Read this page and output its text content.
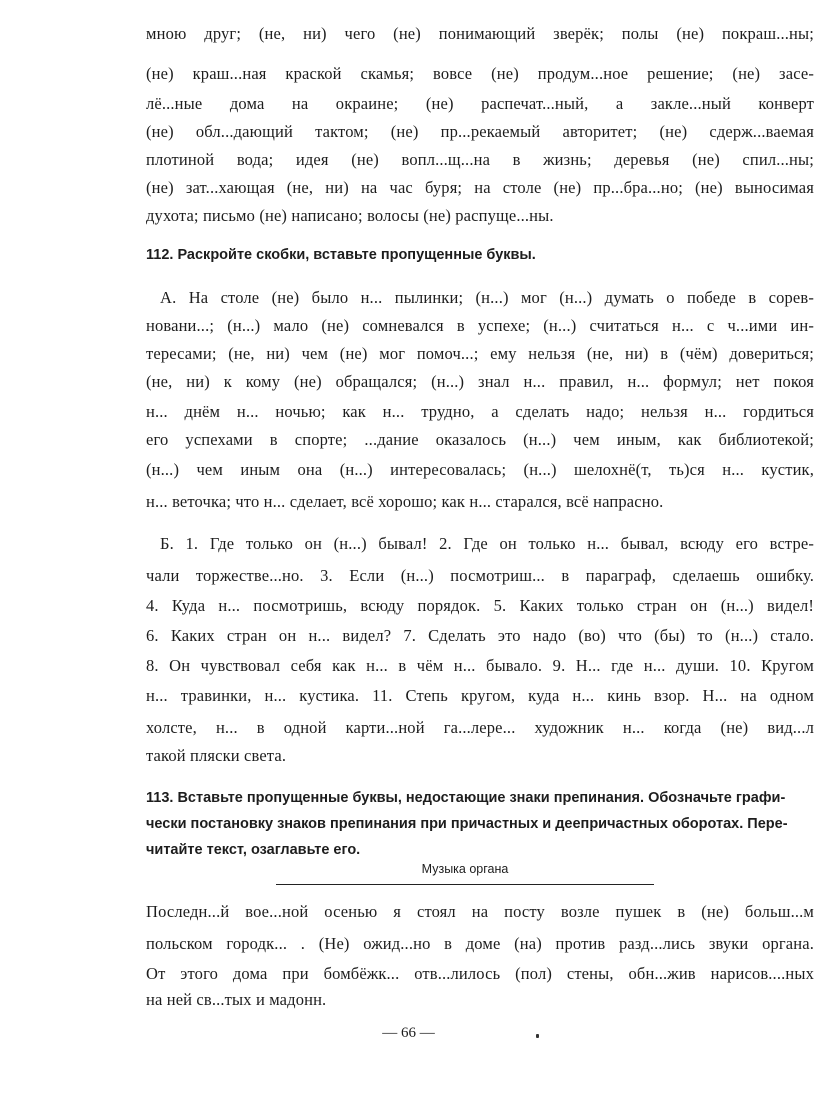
мною друг; (не, ни) чего (не) понимающий зверёк; полы (не) покраш...ны;
(не) краш...ная краской скамья; вовсе (не) продум...ное решение; (не) засе-
лё...ные дома на окраине; (не) распечат...ный, а закле...ный конверт
(не) обл...дающий тактом; (не) пр...рекаемый авторитет; (не) сдерж...ваемая
плотиной вода; идея (не) вопл...щ...на в жизнь; деревья (не) спил...ны;
(не) зат...хающая (не, ни) на час буря; на столе (не) пр...бра...но; (не) выносимая
духота; письмо (не) написано; волосы (не) распуще...ны.
112. Раскройте скобки, вставьте пропущенные буквы.
А. На столе (не) было н... пылинки; (н...) мог (н...) думать о победе в сорев-
новани...; (н...) мало (не) сомневался в успехе; (н...) считаться н... с ч...ими ин-
тересами; (не, ни) чем (не) мог помоч...; ему нельзя (не, ни) в (чём) довериться;
(не, ни) к кому (не) обращался; (н...) знал н... правил, н... формул; нет покоя
н... днём н... ночью; как н... трудно, а сделать надо; нельзя н... гордиться
его успехами в спорте; ...дание оказалось (н...) чем иным, как библиотекой;
(н...) чем иным она (н...) интересовалась; (н...) шелохнё(т, ть)ся н... кустик,
н... веточка; что н... сделает, всё хорошо; как н... старался, всё напрасно.
Б. 1. Где только он (н...) бывал! 2. Где он только н... бывал, всюду его встре-
чали торжестве...но. 3. Если (н...) посмотриш... в параграф, сделаешь ошибку.
4. Куда н... посмотришь, всюду порядок. 5. Каких только стран он (н...) видел!
6. Каких стран он н... видел? 7. Сделать это надо (во) что (бы) то (н...) стало.
8. Он чувствовал себя как н... в чём н... бывало. 9. Н... где н... души. 10. Кругом
н... травинки, н... кустика. 11. Степь кругом, куда н... кинь взор. Н... на одном
холсте, н... в одной карти...ной га...лере... художник н... когда (не) вид...л
такой пляски света.
113. Вставьте пропущенные буквы, недостающие знаки препинания. Обозначьте графи-
чески постановку знаков препинания при причастных и деепричастных оборотах. Пере-
читайте текст, озаглавьте его.
Музыка органа
Последн...й вое...ной осенью я стоял на посту возле пушек в (не) больш...м
польском городк... . (Не) ожид...но в доме (на) против разд...лись звуки органа.
От этого дома при бомбёжк... отв...лилось (пол) стены, обн...жив нарисов....ных
на ней св...тых и мадонн.
— 66 —
